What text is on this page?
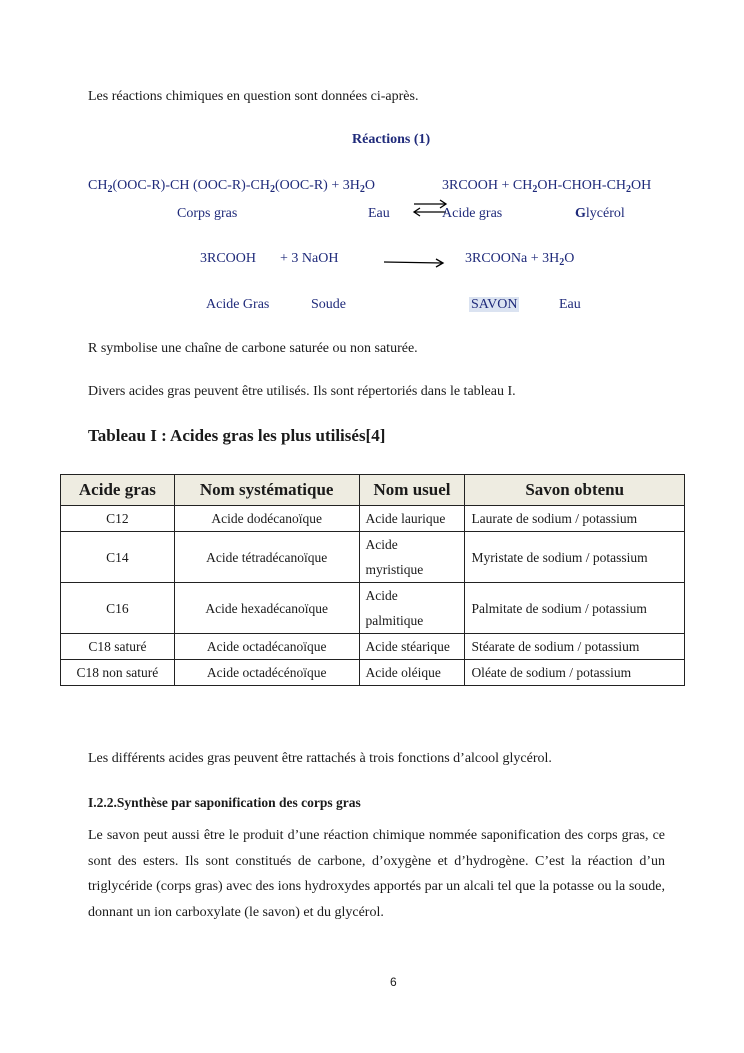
Les réactions chimiques en question sont données ci-après.
Réactions (1)
$CH_2(OOC-R)-CH$ $(OOC-R)-CH_2(OOC-R) + 3H_2O$	3RCOOH + $CH_2OH-CHOH-CH_2OH$
Corps gras	Eau	Acide gras	Glycérol
3RCOOH + 3 NaOH	3RCOONa + $3H_2O$
Acide Gras	Soude	SAVON	Eau
R symbolise une chaîne de carbone saturée ou non saturée.
Divers acides gras peuvent être utilisés. Ils sont répertoriés dans le tableau I.
Tableau I : Acides gras les plus utilisés[4]
Acide gras	Nom systématique	Nom usuel	Savon obtenu
C12	Acide dodécanoïque	Acide laurique	Laurate de sodium / potassium
C14	Acide tétradécanoïque	Acide myristique	Myristate de sodium / potassium
C16	Acide hexadécanoïque	Acide palmitique	Palmitate de sodium / potassium
C18 saturé	Acide octadécanoïque	Acide stéarique	Stéarate de sodium / potassium
C18 non saturé	Acide octadécénoïque	Acide oléique	Oléate de sodium / potassium
Les différents acides gras peuvent être rattachés à trois fonctions d’alcool glycérol.
I.2.2.Synthèse par saponification des corps gras
Le savon peut aussi être le produit d’une réaction chimique nommée saponification des corps gras, ce sont des esters. Ils sont constitués de carbone, d’oxygène et d’hydrogène. C’est la réaction d’un triglycéride (corps gras) avec des ions hydroxydes apportés par un alcali tel que la potasse ou la soude, donnant un ion carboxylate (le savon) et du glycérol.
6
